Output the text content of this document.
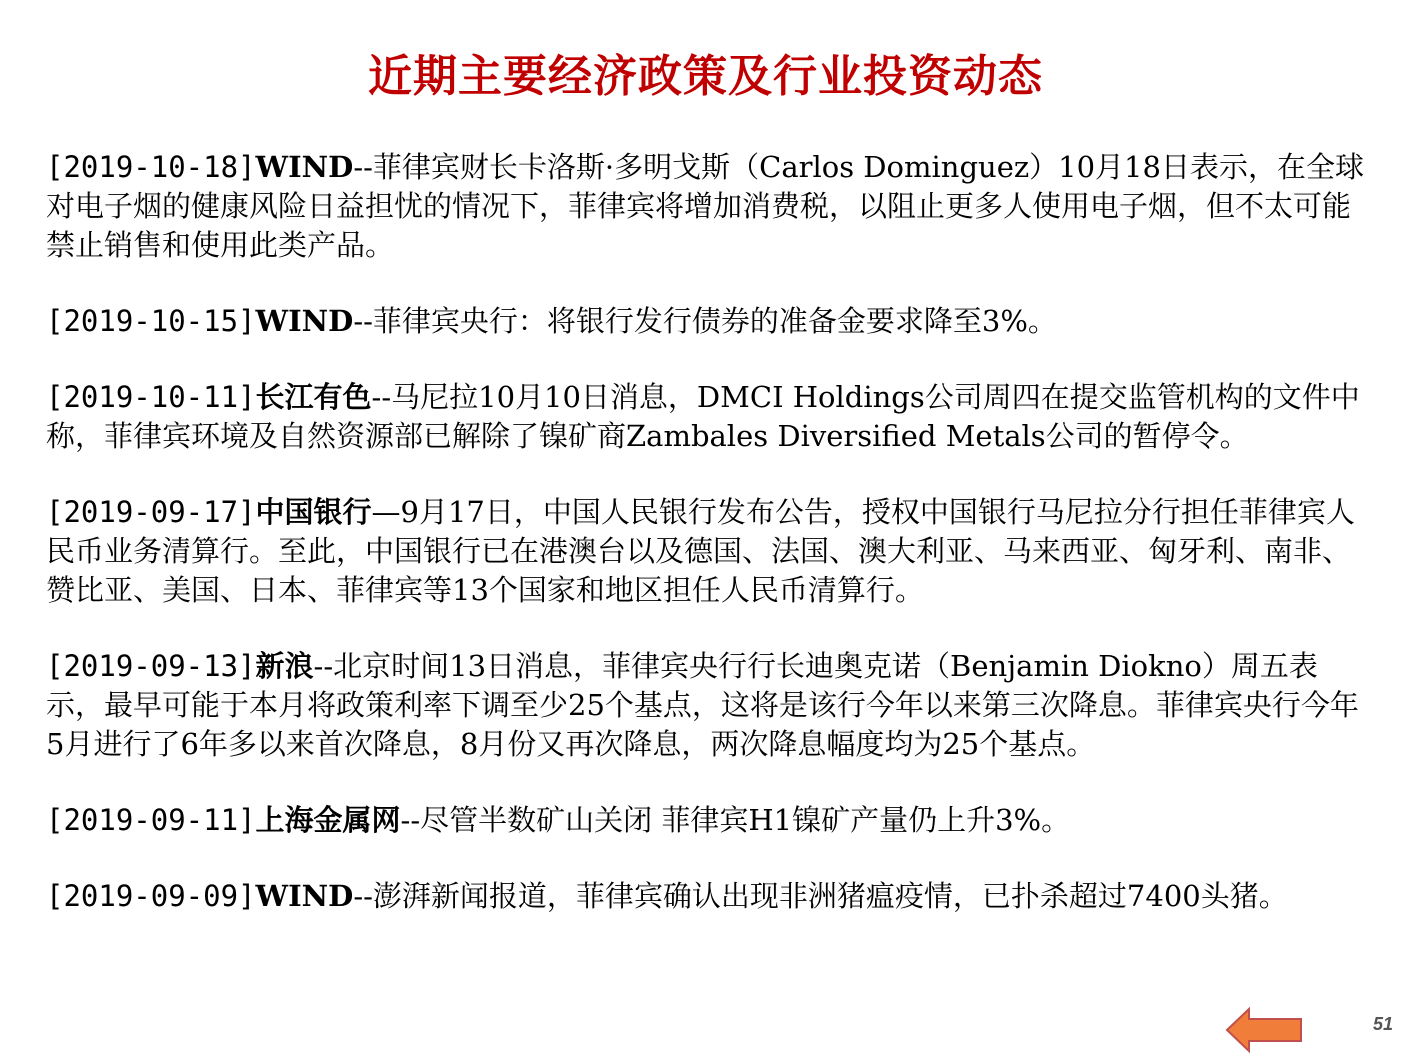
近期主要经济政策及行业投资动态

[2019-10-18]WIND--菲律宾财长卡洛斯·多明戈斯（Carlos Dominguez）10月18日表示，在全球对电子烟的健康风险日益担忧的情况下，菲律宾将增加消费税，以阻止更多人使用电子烟，但不太可能禁止销售和使用此类产品。

[2019-10-15]WIND--菲律宾央行：将银行发行债券的准备金要求降至3%。

[2019-10-11]长江有色--马尼拉10月10日消息，DMCI Holdings公司周四在提交监管机构的文件中称，菲律宾环境及自然资源部已解除了镍矿商Zambales Diversified Metals公司的暂停令。

[2019-09-17]中国银行—9月17日，中国人民银行发布公告，授权中国银行马尼拉分行担任菲律宾人民币业务清算行。至此，中国银行已在港澳台以及德国、法国、澳大利亚、马来西亚、匈牙利、南非、赞比亚、美国、日本、菲律宾等13个国家和地区担任人民币清算行。

[2019-09-13]新浪--北京时间13日消息，菲律宾央行行长迪奥克诺（Benjamin Diokno）周五表示，最早可能于本月将政策利率下调至少25个基点，这将是该行今年以来第三次降息。菲律宾央行今年5月进行了6年多以来首次降息，8月份又再次降息，两次降息幅度均为25个基点。

[2019-09-11]上海金属网--尽管半数矿山关闭 菲律宾H1镍矿产量仍上升3%。

[2019-09-09]WIND--澎湃新闻报道，菲律宾确认出现非洲猪瘟疫情，已扑杀超过7400头猪。

51
